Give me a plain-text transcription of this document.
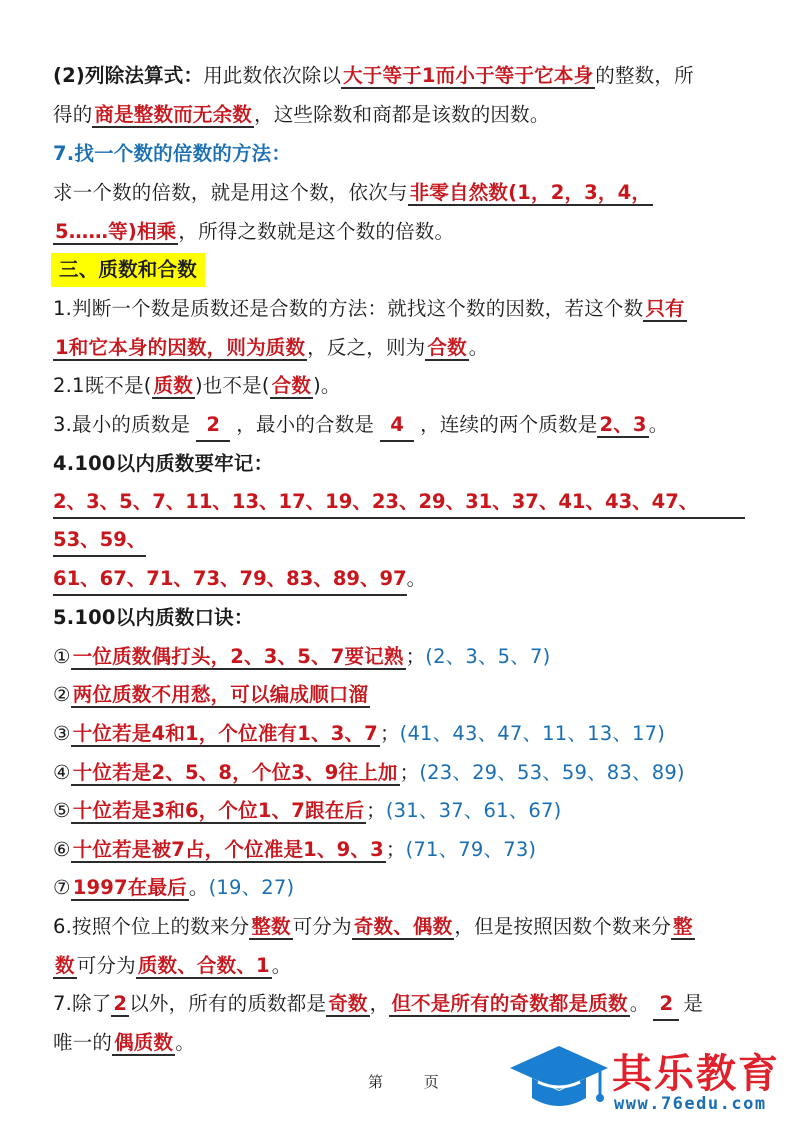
(2)列除法算式：用此数依次除以 大于等于1而小于等于它本身 的整数，所
得的 商是整数而无余数 ，这些除数和商都是该数的因数。
7.找一个数的倍数的方法：
求一个数的倍数，就是用这个数，依次与 非零自然数(1，2，3，4，
5……等)相乘 ，所得之数就是这个数的倍数。
三、质数和合数
1.判断一个数是质数还是合数的方法：就找这个数的因数，若这个数 只有
1和它本身的因数，则为质数 ，反之，则为 合数 。
2.1既不是( 质数 )也不是( 合数 )。
3.最小的质数是 2 ，最小的合数是 4 ，连续的两个质数是 2、3 。
4.100以内质数要牢记：
2、3、5、7、11、13、17、19、23、29、31、37、41、43、47、
53、59、
61、67、71、73、79、83、89、97。
5.100以内质数口诀：
① 一位质数偶打头，2、3、5、7要记熟 ；(2、3、5、7)
② 两位质数不用愁，可以编成顺口溜
③ 十位若是4和1，个位准有1、3、7 ；(41、43、47、11、13、17)
④ 十位若是2、5、8，个位3、9往上加 ；(23、29、53、59、83、89)
⑤ 十位若是3和6，个位1、7跟在后 ；(31、37、61、67)
⑥ 十位若是被7占，个位准是1、9、3 ；(71、79、73)
⑦ 1997在最后 。(19、27)
6.按照个位上的数来分 整数 可分为 奇数、偶数 ，但是按照因数个数来分 整
数 可分为 质数、合数、1 。
7.除了 2 以外，所有的质数都是 奇数 ， 但不是所有的奇数都是质数 。 2 是
唯一的 偶质数 。
第 页	其乐教育
www.76edu.com
